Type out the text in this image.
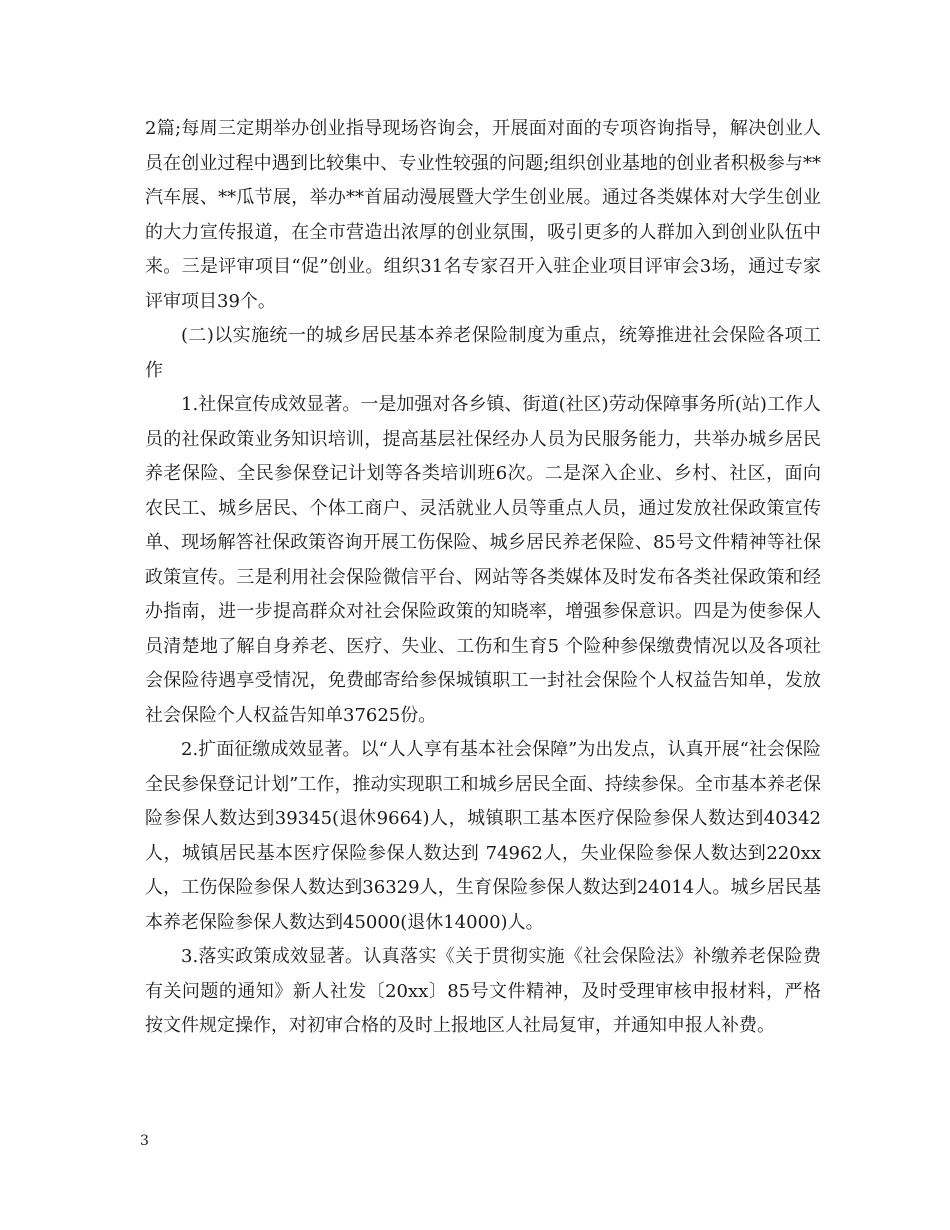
2篇;每周三定期举办创业指导现场咨询会，开展面对面的专项咨询指导，解决创业人员在创业过程中遇到比较集中、专业性较强的问题;组织创业基地的创业者积极参与**汽车展、**瓜节展，举办**首届动漫展暨大学生创业展。通过各类媒体对大学生创业的大力宣传报道，在全市营造出浓厚的创业氛围，吸引更多的人群加入到创业队伍中来。三是评审项目“促”创业。组织31名专家召开入驻企业项目评审会3场，通过专家评审项目39个。

(二)以实施统一的城乡居民基本养老保险制度为重点，统筹推进社会保险各项工作

1.社保宣传成效显著。一是加强对各乡镇、街道(社区)劳动保障事务所(站)工作人员的社保政策业务知识培训，提高基层社保经办人员为民服务能力，共举办城乡居民养老保险、全民参保登记计划等各类培训班6次。二是深入企业、乡村、社区，面向农民工、城乡居民、个体工商户、灵活就业人员等重点人员，通过发放社保政策宣传单、现场解答社保政策咨询开展工伤保险、城乡居民养老保险、85号文件精神等社保政策宣传。三是利用社会保险微信平台、网站等各类媒体及时发布各类社保政策和经办指南，进一步提高群众对社会保险政策的知晓率，增强参保意识。四是为使参保人员清楚地了解自身养老、医疗、失业、工伤和生育5 个险种参保缴费情况以及各项社会保险待遇享受情况，免费邮寄给参保城镇职工一封社会保险个人权益告知单，发放社会保险个人权益告知单37625份。

2.扩面征缴成效显著。以“人人享有基本社会保障”为出发点，认真开展“社会保险全民参保登记计划”工作，推动实现职工和城乡居民全面、持续参保。全市基本养老保险参保人数达到39345(退休9664)人，城镇职工基本医疗保险参保人数达到40342人，城镇居民基本医疗保险参保人数达到 74962人，失业保险参保人数达到220xx人，工伤保险参保人数达到36329人，生育保险参保人数达到24014人。城乡居民基本养老保险参保人数达到45000(退休14000)人。

3.落实政策成效显著。认真落实《关于贯彻实施《社会保险法》补缴养老保险费有关问题的通知》新人社发〔20xx〕85号文件精神，及时受理审核申报材料，严格按文件规定操作，对初审合格的及时上报地区人社局复审，并通知申报人补费。

3
